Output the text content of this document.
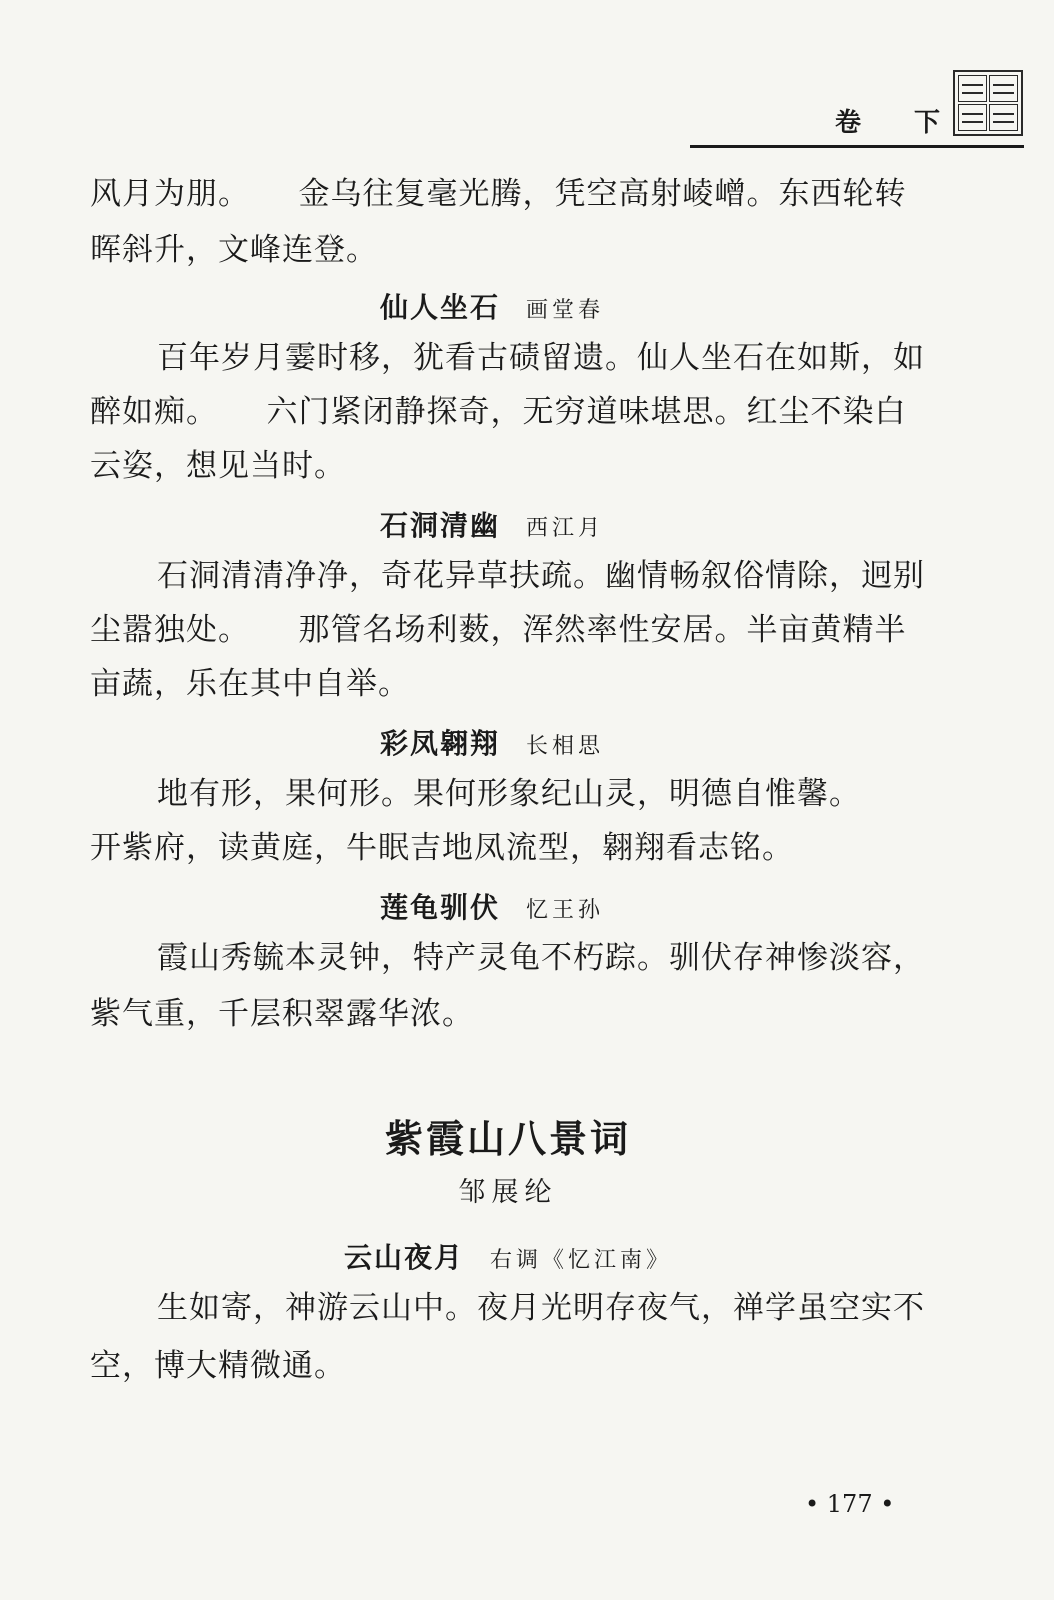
卷 下
风月为朋。　　金乌往复毫光腾，凭空高射崚嶒。东西轮转
晖斜升，文峰连登。
仙人坐石 画堂春
　百年岁月霎时移，犹看古碛留遗。仙人坐石在如斯，如
醉如痴。　　六门紧闭静探奇，无穷道味堪思。红尘不染白
云姿，想见当时。
石洞清幽 西江月
　石洞清清净净，奇花异草扶疏。幽情畅叙俗情除，迥别
尘嚣独处。　　那管名场利薮，浑然率性安居。半亩黄精半
亩蔬，乐在其中自举。
彩凤翱翔 长相思
　地有形，果何形。果何形象纪山灵，明德自惟馨。
开紫府，读黄庭，牛眠吉地凤流型，翱翔看志铭。
莲龟驯伏 忆王孙
　霞山秀毓本灵钟，特产灵龟不朽踪。驯伏存神惨淡容，
紫气重，千层积翠露华浓。
紫霞山八景词
邹展纶
云山夜月 右调《忆江南》
　生如寄，神游云山中。夜月光明存夜气，禅学虽空实不
空，博大精微通。
• 177 •
